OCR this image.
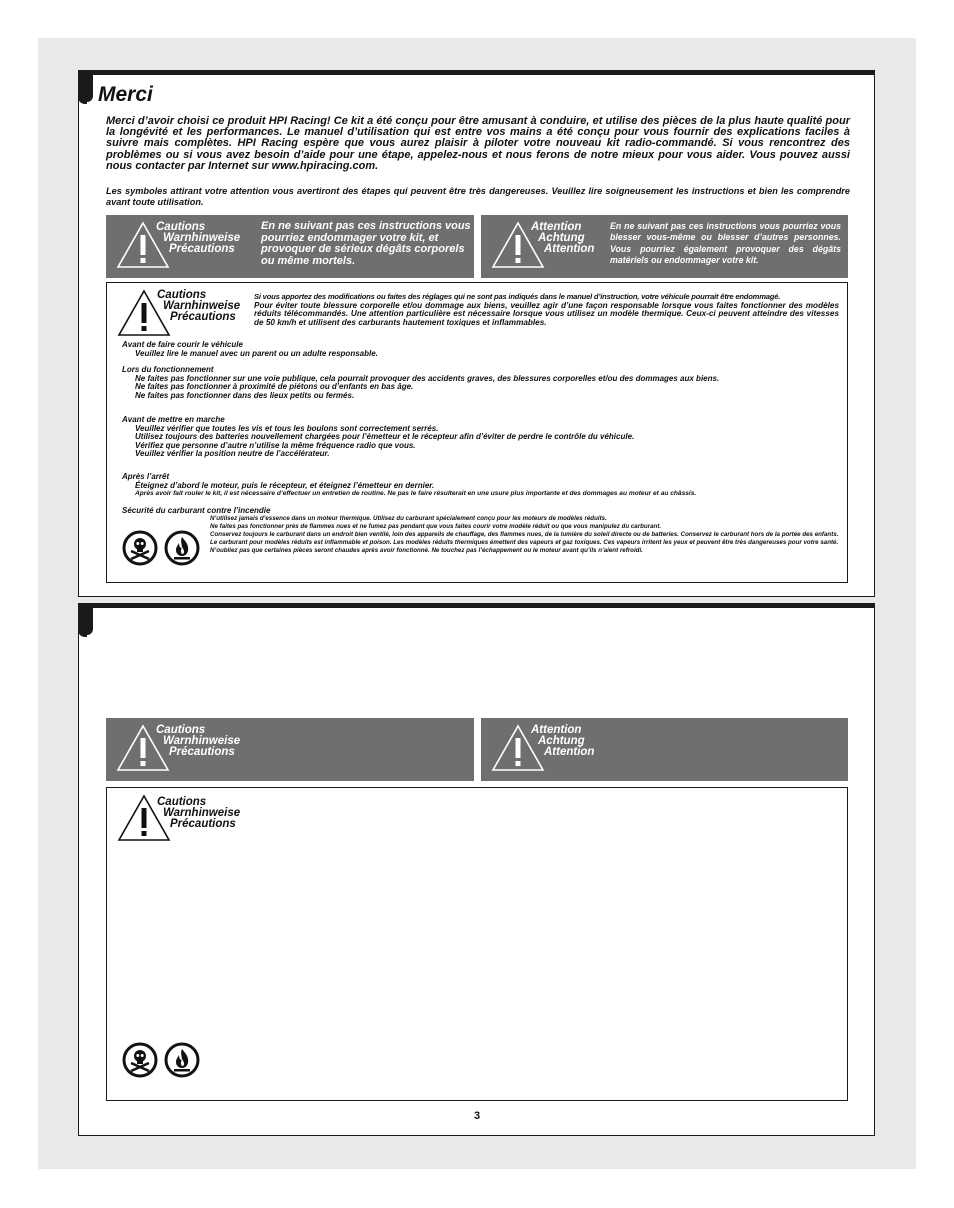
Merci
Merci d’avoir choisi ce produit HPI Racing! Ce kit a été conçu pour être amusant à conduire, et utilise des pièces de la plus haute qualité pour la longévité et les performances. Le manuel d’utilisation qui est entre vos mains a été conçu pour vous fournir des explications faciles à suivre mais complètes. HPI Racing espère que vous aurez plaisir à piloter votre nouveau kit radio-commandé. Si vous rencontrez des problèmes ou si vous avez besoin d’aide pour une étape, appelez-nous et nous ferons de notre mieux pour vous aider. Vous pouvez aussi nous contacter par Internet sur www.hpiracing.com.
Les symboles attirant votre attention vous avertiront des étapes qui peuvent être très dangereuses. Veuillez lire soigneusement les instructions et bien les comprendre avant toute utilisation.
Cautions
Warnhinweise
Précautions
En ne suivant pas ces instructions vous pourriez endommager votre kit, et provoquer de sérieux dégâts corporels ou même mortels.
Attention
Achtung
Attention
En ne suivant pas ces instructions vous pourriez vous blesser vous-même ou blesser d’autres personnes. Vous pourriez également provoquer des dégâts matériels ou endommager votre kit.
Cautions
Warnhinweise
Précautions
Si vous apportez des modifications ou faites des réglages qui ne sont pas indiqués dans le manuel d’instruction, votre véhicule pourrait être endommagé.
Pour éviter toute blessure corporelle et/ou dommage aux biens, veuillez agir d’une façon responsable lorsque vous faites fonctionner des modèles réduits télécommandés. Une attention particulière est nécessaire lorsque vous utilisez un modèle thermique. Ceux-ci peuvent atteindre des vitesses de 50 km/h et utilisent des carburants hautement toxiques et inflammables.
Avant de faire courir le véhicule
Veuillez lire le manuel avec un parent ou un adulte responsable.
Lors du fonctionnement
Ne faites pas fonctionner sur une voie publique, cela pourrait provoquer des accidents graves, des blessures corporelles et/ou des dommages aux biens.
Ne faites pas fonctionner à proximité de piétons ou d’enfants en bas âge.
Ne faites pas fonctionner dans des lieux petits ou fermés.
Avant de mettre en marche
Veuillez vérifier que toutes les vis et tous les boulons sont correctement serrés.
Utilisez toujours des batteries nouvellement chargées pour l’émetteur et le récepteur afin d’éviter de perdre le contrôle du véhicule.
Vérifiez que personne d’autre n’utilise la même fréquence radio que vous.
Veuillez vérifier la position neutre de l’accélérateur.
Après l’arrêt
Éteignez d’abord le moteur, puis le récepteur, et éteignez l’émetteur en dernier.
Après avoir fait rouler le kit, il est nécessaire d’effectuer un entretien de routine. Ne pas le faire résulterait en une usure plus importante et des dommages au moteur et au châssis.
Sécurité du carburant contre l’incendie
N’utilisez jamais d’essence dans un moteur thermique. Utilisez du carburant spécialement conçu pour les moteurs de modèles réduits.
Ne faites pas fonctionner près de flammes nues et ne fumez pas pendant que vous faites courir votre modèle réduit ou que vous manipulez du carburant.
Conservez toujours le carburant dans un endroit bien ventilé, loin des appareils de chauffage, des flammes nues, de la lumière du soleil directe ou de batteries. Conservez le carburant hors de la portée des enfants.
Le carburant pour modèles réduits est inflammable et poison. Les modèles réduits thermiques émettent des vapeurs et gaz toxiques. Ces vapeurs irritent les yeux et peuvent être très dangereuses pour votre santé.
N’oubliez pas que certaines pièces seront chaudes après avoir fonctionné. Ne touchez pas l’échappement ou le moteur avant qu’ils n’aient refroidi.
Cautions
Warnhinweise
Précautions
Attention
Achtung
Attention
Cautions
Warnhinweise
Précautions
3
